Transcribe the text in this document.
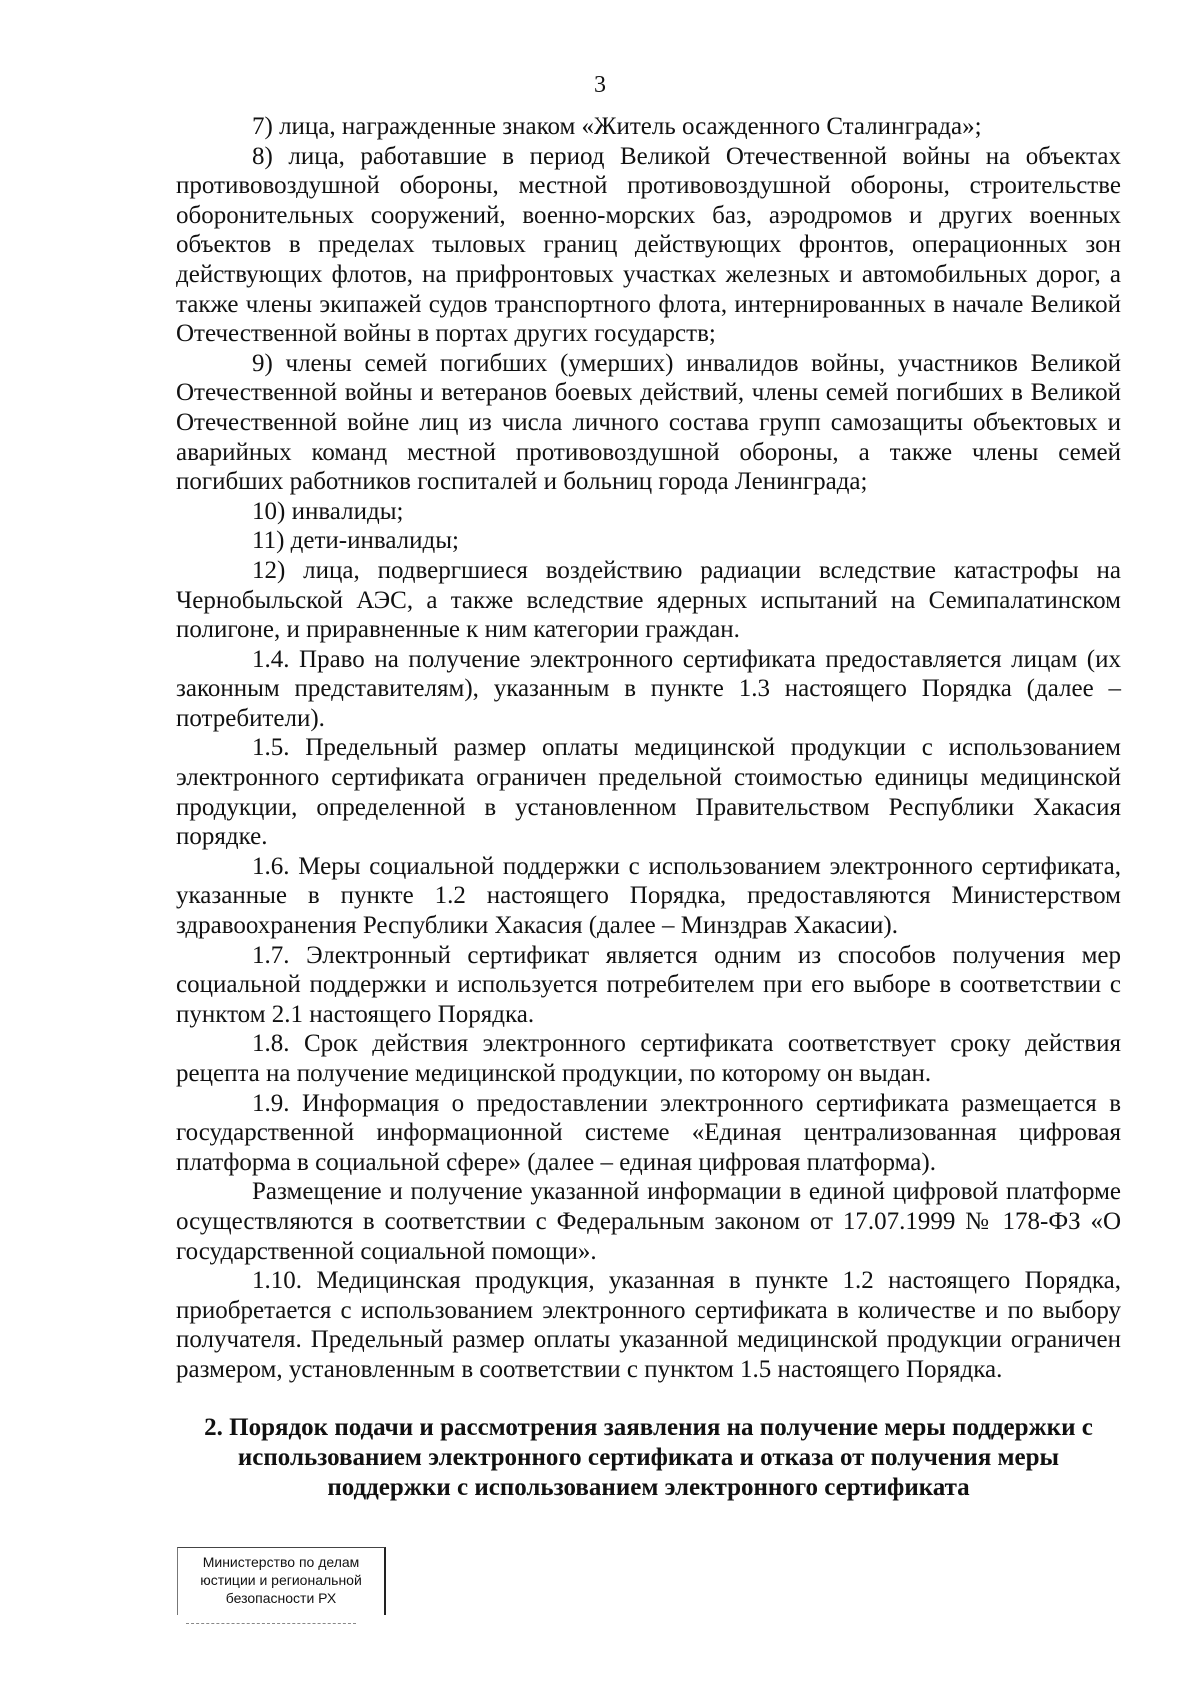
3

7) лица, награжденные знаком «Житель осажденного Сталинграда»;

8) лица, работавшие в период Великой Отечественной войны на объектах противовоздушной обороны, местной противовоздушной обороны, строительстве оборонительных сооружений, военно-морских баз, аэродромов и других военных объектов в пределах тыловых границ действующих фронтов, операционных зон действующих флотов, на прифронтовых участках железных и автомобильных дорог, а также члены экипажей судов транспортного флота, интернированных в начале Великой Отечественной войны в портах других государств;

9) члены семей погибших (умерших) инвалидов войны, участников Великой Отечественной войны и ветеранов боевых действий, члены семей погибших в Великой Отечественной войне лиц из числа личного состава групп самозащиты объектовых и аварийных команд местной противовоздушной обороны, а также члены семей погибших работников госпиталей и больниц города Ленинграда;

10) инвалиды;

11) дети-инвалиды;

12) лица, подвергшиеся воздействию радиации вследствие катастрофы на Чернобыльской АЭС, а также вследствие ядерных испытаний на Семипалатинском полигоне, и приравненные к ним категории граждан.

1.4. Право на получение электронного сертификата предоставляется лицам (их законным представителям), указанным в пункте 1.3 настоящего Порядка (далее – потребители).

1.5. Предельный размер оплаты медицинской продукции с использованием электронного сертификата ограничен предельной стоимостью единицы медицинской продукции, определенной в установленном Правительством Республики Хакасия порядке.

1.6. Меры социальной поддержки с использованием электронного сертификата, указанные в пункте 1.2 настоящего Порядка, предоставляются Министерством здравоохранения Республики Хакасия (далее – Минздрав Хакасии).

1.7. Электронный сертификат является одним из способов получения мер социальной поддержки и используется потребителем при его выборе в соответствии с пунктом 2.1 настоящего Порядка.

1.8. Срок действия электронного сертификата соответствует сроку действия рецепта на получение медицинской продукции, по которому он выдан.

1.9. Информация о предоставлении электронного сертификата размещается в государственной информационной системе «Единая централизованная цифровая платформа в социальной сфере» (далее – единая цифровая платформа).

Размещение и получение указанной информации в единой цифровой платформе осуществляются в соответствии с Федеральным законом от 17.07.1999 № 178-ФЗ «О государственной социальной помощи».

1.10. Медицинская продукция, указанная в пункте 1.2 настоящего Порядка, приобретается с использованием электронного сертификата в количестве и по выбору получателя. Предельный размер оплаты указанной медицинской продукции ограничен размером, установленным в соответствии с пунктом 1.5 настоящего Порядка.

2. Порядок подачи и рассмотрения заявления на получение меры поддержки с использованием электронного сертификата и отказа от получения меры поддержки с использованием электронного сертификата
Министерство по делам
юстиции и региональной
безопасности РХ
